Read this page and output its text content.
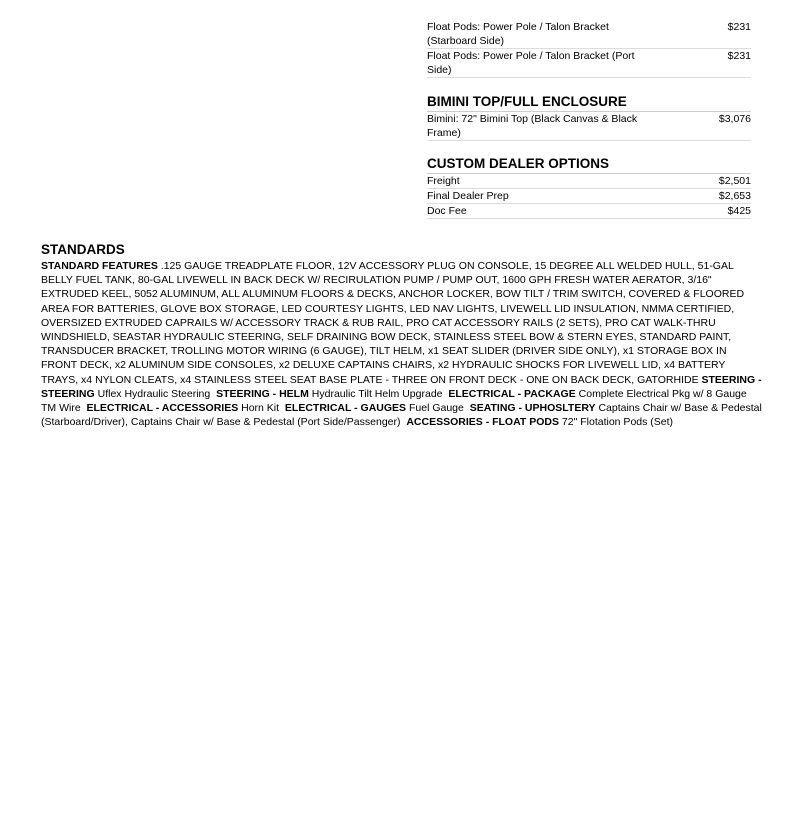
Float Pods: Power Pole / Talon Bracket (Starboard Side)
$231
Float Pods: Power Pole / Talon Bracket (Port Side)
$231
BIMINI TOP/FULL ENCLOSURE
Bimini: 72" Bimini Top (Black Canvas & Black Frame)
$3,076
CUSTOM DEALER OPTIONS
Freight	$2,501
Final Dealer Prep	$2,653
Doc Fee	$425
STANDARDS
STANDARD FEATURES .125 GAUGE TREADPLATE FLOOR, 12V ACCESSORY PLUG ON CONSOLE, 15 DEGREE ALL WELDED HULL, 51-GAL BELLY FUEL TANK, 80-GAL LIVEWELL IN BACK DECK W/ RECIRULATION PUMP / PUMP OUT, 1600 GPH FRESH WATER AERATOR, 3/16" EXTRUDED KEEL, 5052 ALUMINUM, ALL ALUMINUM FLOORS & DECKS, ANCHOR LOCKER, BOW TILT / TRIM SWITCH, COVERED & FLOORED AREA FOR BATTERIES, GLOVE BOX STORAGE, LED COURTESY LIGHTS, LED NAV LIGHTS, LIVEWELL LID INSULATION, NMMA CERTIFIED, OVERSIZED EXTRUDED CAPRAILS W/ ACCESSORY TRACK & RUB RAIL, PRO CAT ACCESSORY RAILS (2 SETS), PRO CAT WALK-THRU WINDSHIELD, SEASTAR HYDRAULIC STEERING, SELF DRAINING BOW DECK, STAINLESS STEEL BOW & STERN EYES, STANDARD PAINT, TRANSDUCER BRACKET, TROLLING MOTOR WIRING (6 GAUGE), TILT HELM, x1 SEAT SLIDER (DRIVER SIDE ONLY), x1 STORAGE BOX IN FRONT DECK, x2 ALUMINUM SIDE CONSOLES, x2 DELUXE CAPTAINS CHAIRS, x2 HYDRAULIC SHOCKS FOR LIVEWELL LID, x4 BATTERY TRAYS, x4 NYLON CLEATS, x4 STAINLESS STEEL SEAT BASE PLATE - THREE ON FRONT DECK - ONE ON BACK DECK, GATORHIDE STEERING - STEERING Uflex Hydraulic Steering STEERING - HELM Hydraulic Tilt Helm Upgrade ELECTRICAL - PACKAGE Complete Electrical Pkg w/ 8 Gauge TM Wire ELECTRICAL - ACCESSORIES Horn Kit ELECTRICAL - GAUGES Fuel Gauge SEATING - UPHOSLTERY Captains Chair w/ Base & Pedestal (Starboard/Driver), Captains Chair w/ Base & Pedestal (Port Side/Passenger) ACCESSORIES - FLOAT PODS 72" Flotation Pods (Set)
